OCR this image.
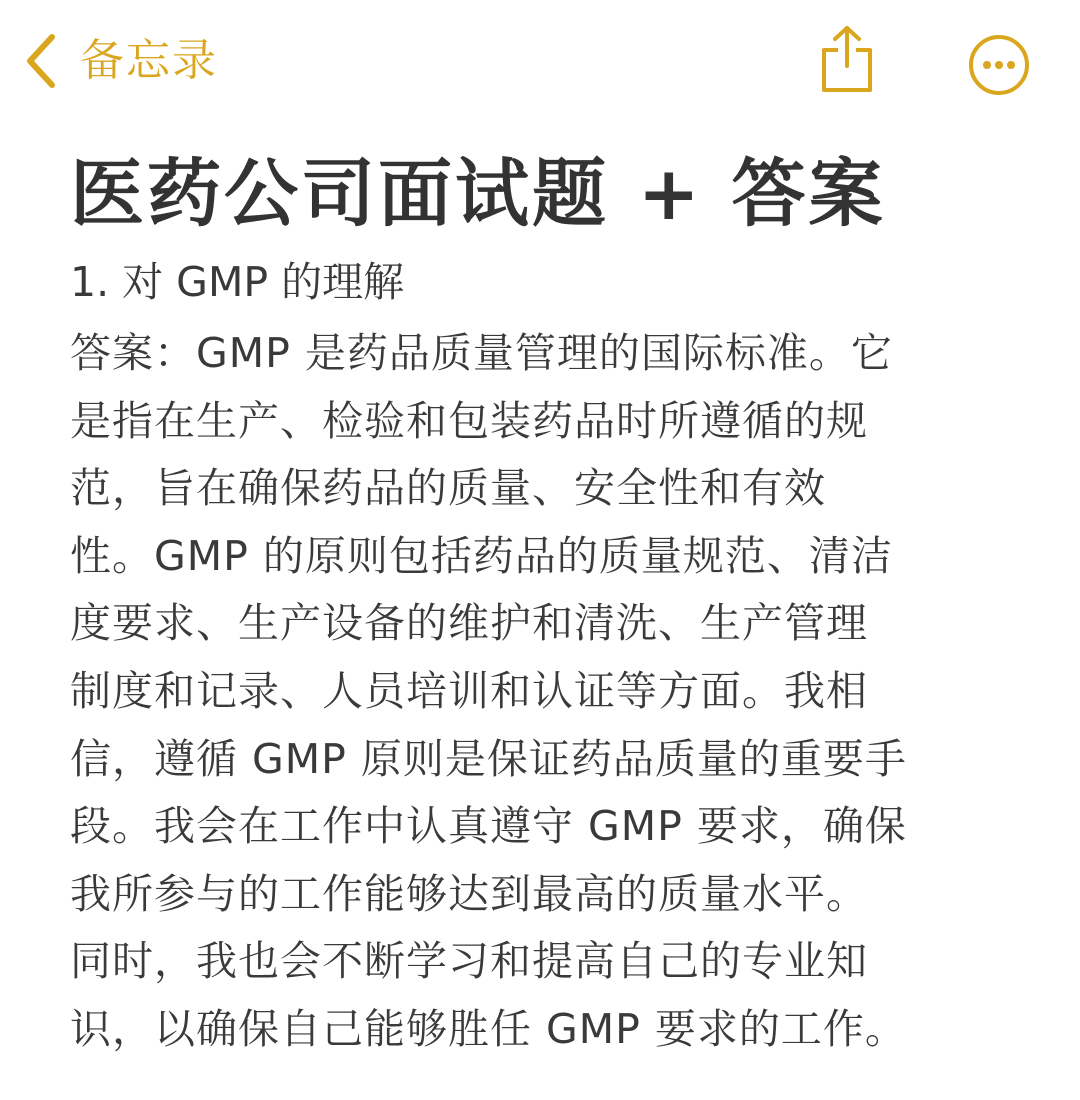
备忘录
医药公司面试题 + 答案

1. 对 GMP 的理解

答案：GMP 是药品质量管理的国际标准。它
是指在生产、检验和包装药品时所遵循的规
范，旨在确保药品的质量、安全性和有效
性。GMP 的原则包括药品的质量规范、清洁
度要求、生产设备的维护和清洗、生产管理
制度和记录、人员培训和认证等方面。我相
信，遵循 GMP 原则是保证药品质量的重要手
段。我会在工作中认真遵守 GMP 要求，确保
我所参与的工作能够达到最高的质量水平。
同时，我也会不断学习和提高自己的专业知
识，以确保自己能够胜任 GMP 要求的工作。
